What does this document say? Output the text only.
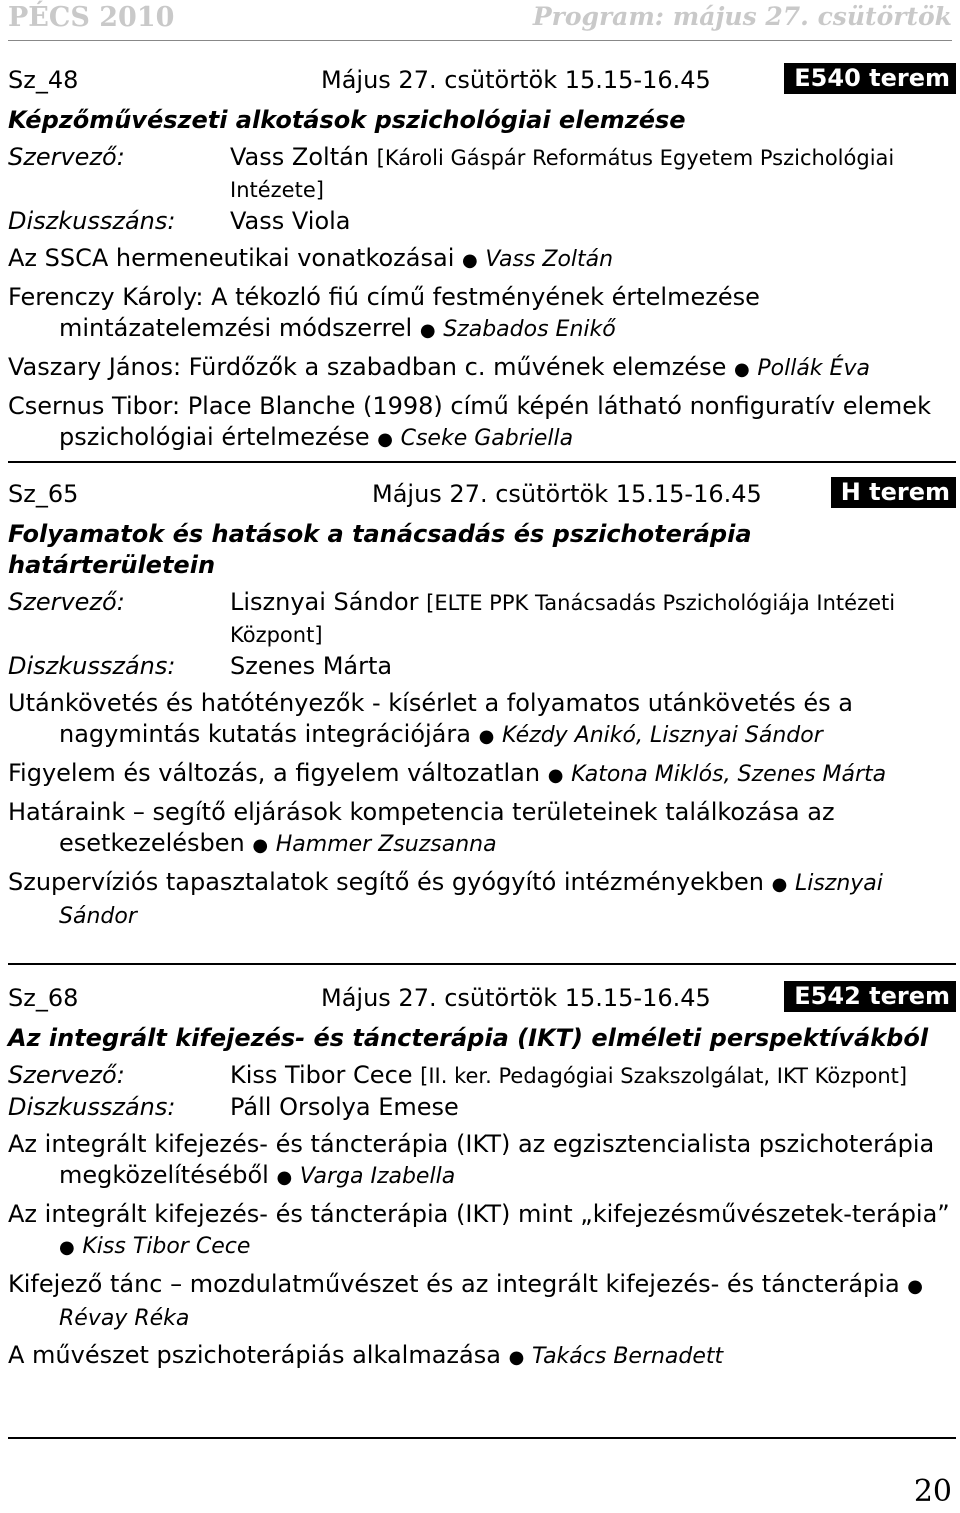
PÉCS 2010	Program: május 27. csütörtök
Sz_48	Május 27. csütörtök 15.15-16.45	E540 terem
Képzőművészeti alkotások pszichológiai elemzése
Szervező:	Vass Zoltán [Károli Gáspár Református Egyetem Pszichológiai Intézete]
Diszkusszáns: Vass Viola
Az SSCA hermeneutikai vonatkozásai ● Vass Zoltán
Ferenczy Károly: A tékozló fiú című festményének értelmezése mintázatelemzési módszerrel ● Szabados Enikő
Vaszary János: Fürdőzők a szabadban c. művének elemzése ● Pollák Éva
Csernus Tibor: Place Blanche (1998) című képén látható nonfiguratív elemek pszichológiai értelmezése ● Cseke Gabriella
Sz_65	Május 27. csütörtök 15.15-16.45	H terem
Folyamatok és hatások a tanácsadás és pszichoterápia határterületein
Szervező:	Lisznyai Sándor [ELTE PPK Tanácsadás Pszichológiája Intézeti Központ]
Diszkusszáns: Szenes Márta
Utánkövetés és hatótényezők - kísérlet a folyamatos utánkövetés és a nagymintás kutatás integrációjára ● Kézdy Anikó, Lisznyai Sándor
Figyelem és változás, a figyelem változatlan ● Katona Miklós, Szenes Márta
Határaink – segítő eljárások kompetencia területeinek találkozása az esetkezelésben ● Hammer Zsuzsanna
Szupervíziós tapasztalatok segítő és gyógyító intézményekben ● Lisznyai Sándor
Sz_68	Május 27. csütörtök 15.15-16.45	E542 terem
Az integrált kifejezés- és táncterápia (IKT) elméleti perspektívákból
Szervező:	Kiss Tibor Cece [II. ker. Pedagógiai Szakszolgálat, IKT Központ]
Diszkusszáns: Páll Orsolya Emese
Az integrált kifejezés- és táncterápia (IKT) az egzisztencialista pszichoterápia megközelítéséből ● Varga Izabella
Az integrált kifejezés- és táncterápia (IKT) mint „kifejezésművészetek-terápia” ● Kiss Tibor Cece
Kifejező tánc – mozdulatművészet és az integrált kifejezés- és táncterápia ● Révay Réka
A művészet pszichoterápiás alkalmazása ● Takács Bernadett
20
